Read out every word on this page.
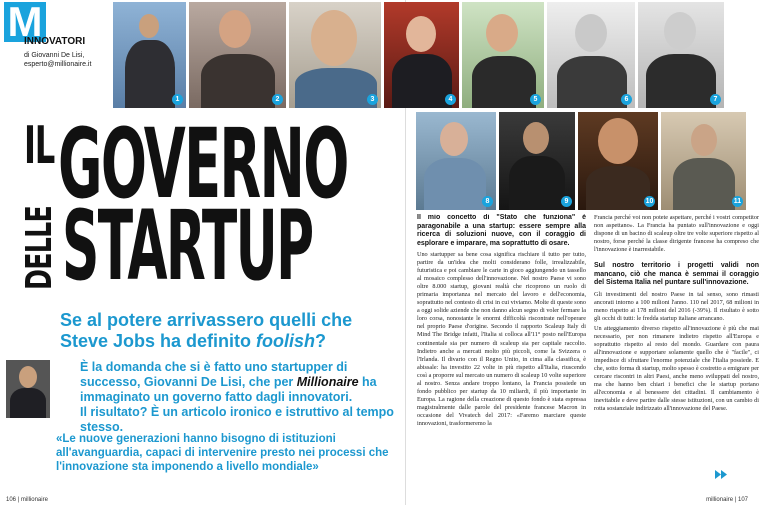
M
INNOVATORI
di Giovanni De Lisi,
esperto@millionaire.it
1	2	3	4	5	6	7
8	9	10	11
IL GOVERNO
DELLE STARTUP
Se al potere arrivassero quelli che Steve Jobs ha definito foolish?
È la domanda che si è fatto uno startupper di successo, Giovanni De Lisi, che per Millionaire ha immaginato un governo fatto dagli innovatori.
Il risultato? È un articolo ironico e istruttivo al tempo stesso.
«Le nuove generazioni hanno bisogno di istituzioni all'avanguardia, capaci di intervenire presto nei processi che l'innovazione sta imponendo a livello mondiale»
Il mio concetto di "Stato che funziona" è paragonabile a una startup: essere sempre alla ricerca di soluzioni nuove, con il coraggio di esplorare e imparare, ma soprattutto di osare.

Uno startupper sa bene cosa significa rischiare il tutto per tutto, partire da un'idea che molti considerano folle, irrealizzabile, futuristica e poi cambiare le carte in gioco aggiungendo un tassello al mosaico complesso dell'innovazione. Nel nostro Paese vi sono oltre 8.000 startup, giovani realtà che ricoprono un ruolo di primaria importanza nel mercato del lavoro e dell'economia, soprattutto nel contesto di crisi in cui viviamo. Molte di queste sono a oggi solide aziende che non danno alcun segno di voler fermare la loro corsa, nonostante le enormi difficoltà riscontrate nell'operare nel proprio Paese d'origine. Secondo il rapporto Scaleup Italy di Mind The Bridge infatti, l'Italia si colloca all'11° posto nell'Europa continentale sia per numero di scaleup sia per capitale raccolto. Indietro anche a mercati molto più piccoli, come la Svizzera o l'Irlanda. Il divario con il Regno Unito, in cima alla classifica, è abissale: ha investito 22 volte in più rispetto all'Italia, riuscendo così a proporre sul mercato un numero di scaleup 10 volte superiore al nostro. Senza andare troppo lontano, la Francia possiede un fondo pubblico per startup da 10 miliardi, il più importante in Europa. La ragione della creazione di questo fondo è stata espressa magistralmente dalle parole del presidente francese Macron in occasione del Vivatech del 2017: «Faremo marciare queste innovazioni, trasformeremo la

Francia perché voi non potete aspettare, perché i vostri competitor non aspettano». La Francia ha puntato sull'innovazione e oggi dispone di un bacino di scaleup oltre tre volte superiore rispetto al nostro, forse perché la classe dirigente francese ha compreso che l'innovazione è inarrestabile.

Sul nostro territorio i progetti validi non mancano, ciò che manca è semmai il coraggio del Sistema Italia nel puntare sull'innovazione.

Gli investimenti del nostro Paese in tal senso, sono rimasti ancorati intorno a 100 milioni l'anno. 110 nel 2017, 68 milioni in meno rispetto ai 178 milioni del 2016 (-39%). Il risultato è sotto gli occhi di tutti: le fredda startup italiane arrancano.

Un atteggiamento diverso rispetto all'innovazione è più che mai necessario, per non rimanere indietro rispetto all'Europa e soprattutto rispetto al resto del mondo. Guardare con paura all'innovazione e supportare solamente quello che è "facile", ci impedisce di sfruttare l'enorme potenziale che l'Italia possiede. E che, sotto forma di startup, molto spesso è costretto a emigrare per cercare riscontri in altri Paesi, anche meno sviluppati del nostro, ma che hanno ben chiari i benefici che le startup portano all'economia e al benessere dei cittadini. Il cambiamento è inevitabile e deve partire dalle stesse istituzioni, con un cambio di rotta sostanziale indirizzato all'innovazione del Paese.

106 | millionaire	millionaire | 107
